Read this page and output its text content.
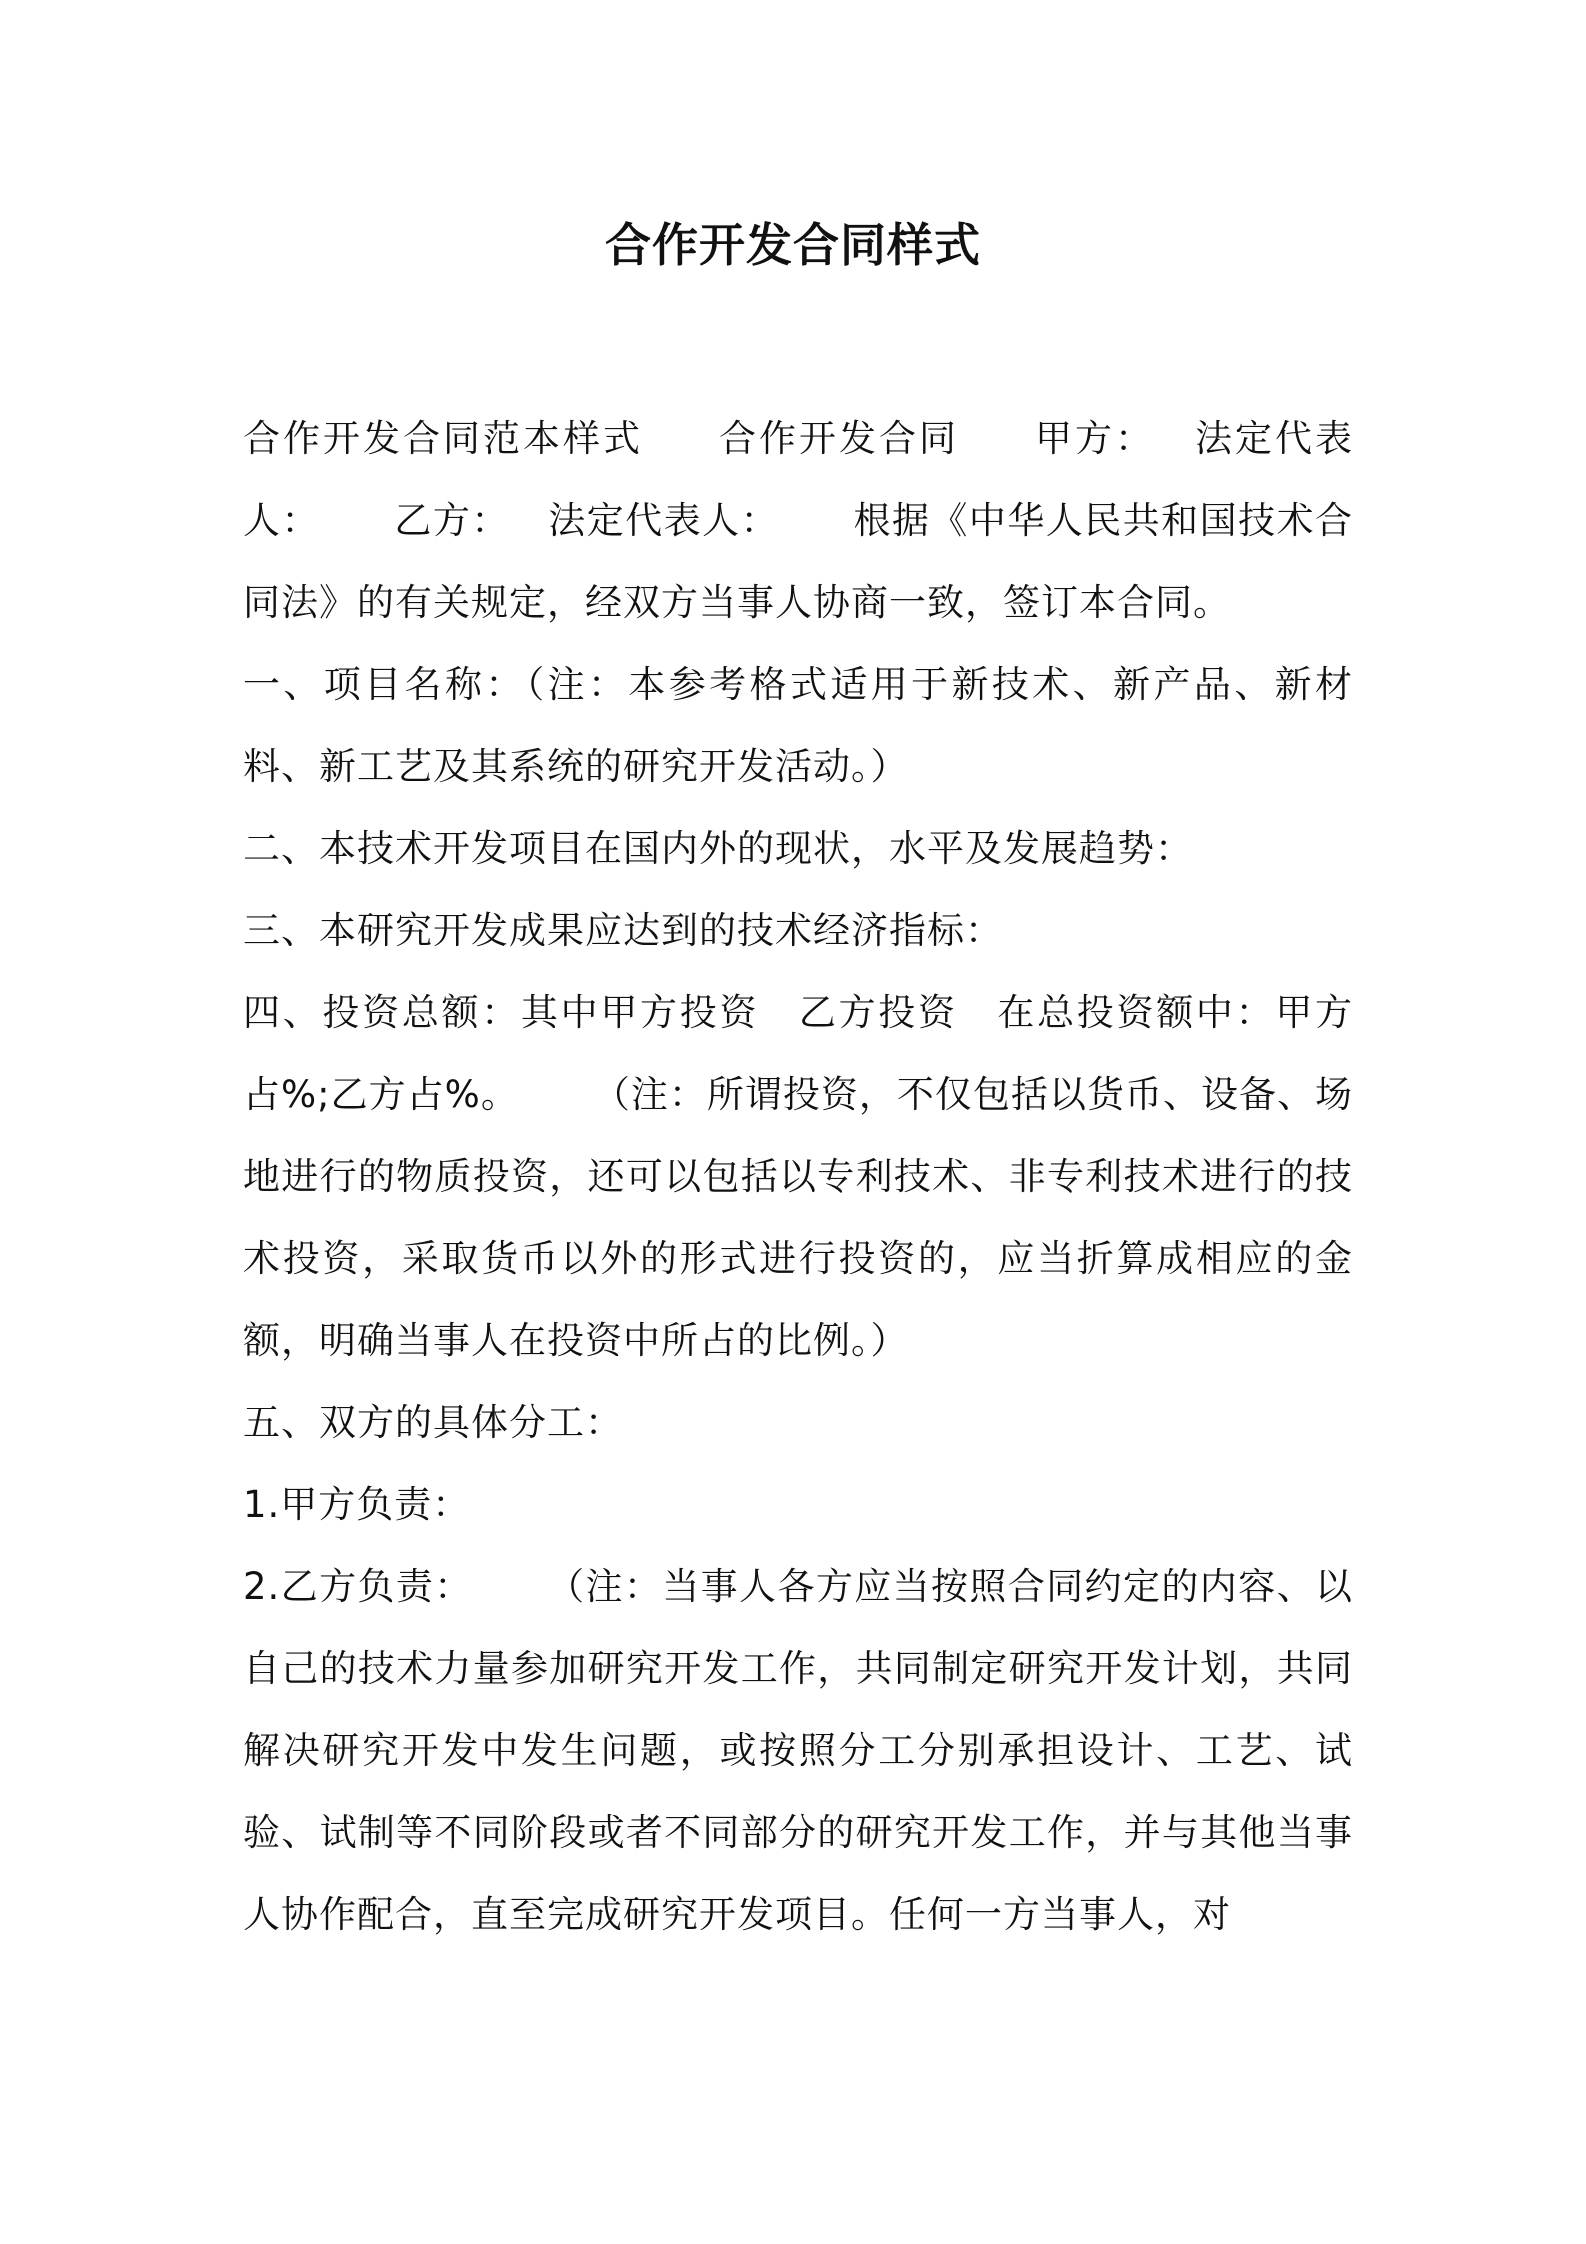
合作开发合同样式

合作开发合同范本样式 合作开发合同 甲方： 法定代表人： 乙方： 法定代表人： 根据《中华人民共和国技术合同法》的有关规定，经双方当事人协商一致，签订本合同。

一、项目名称：（注：本参考格式适用于新技术、新产品、新材料、新工艺及其系统的研究开发活动。）

二、本技术开发项目在国内外的现状，水平及发展趋势：

三、本研究开发成果应达到的技术经济指标：

四、投资总额：其中甲方投资 乙方投资 在总投资额中：甲方占%;乙方占%。 （注：所谓投资，不仅包括以货币、设备、场地进行的物质投资，还可以包括以专利技术、非专利技术进行的技术投资，采取货币以外的形式进行投资的，应当折算成相应的金额，明确当事人在投资中所占的比例。）

五、双方的具体分工：

1.甲方负责：

2.乙方负责： （注：当事人各方应当按照合同约定的内容、以自己的技术力量参加研究开发工作，共同制定研究开发计划，共同解决研究开发中发生问题，或按照分工分别承担设计、工艺、试验、试制等不同阶段或者不同部分的研究开发工作，并与其他当事人协作配合，直至完成研究开发项目。任何一方当事人，对
